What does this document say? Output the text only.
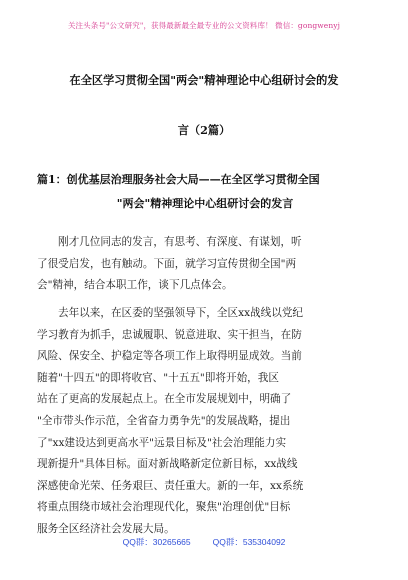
关注头条号"公文研究"，获得最新最全最专业的公文资料库！ 微信：gongwenyj
在全区学习贯彻全国"两会"精神理论中心组研讨会的发
言（2篇）
篇1：创优基层治理服务社会大局——在全区学习贯彻全国
"两会"精神理论中心组研讨会的发言
刚才几位同志的发言，有思考、有深度、有谋划，听
了很受启发，也有触动。下面，就学习宣传贯彻全国"两
会"精神，结合本职工作，谈下几点体会。
去年以来，在区委的坚强领导下，全区xx战线以党纪
学习教育为抓手，忠诚履职、锐意进取、实干担当，在防
风险、保安全、护稳定等各项工作上取得明显成效。当前
随着"十四五"的即将收官、"十五五"即将开始，我区
站在了更高的发展起点上。在全市发展规划中，明确了
"全市带头作示范，全省奋力勇争先"的发展战略，提出
了"xx建设达到更高水平"远景目标及"社会治理能力实
现新提升"具体目标。面对新战略新定位新目标，xx战线
深感使命光荣、任务艰巨、责任重大。新的一年，xx系统
将重点围绕市域社会治理现代化，聚焦"治理创优"目标
服务全区经济社会发展大局。
QQ群：30265665	QQ群：535304092
